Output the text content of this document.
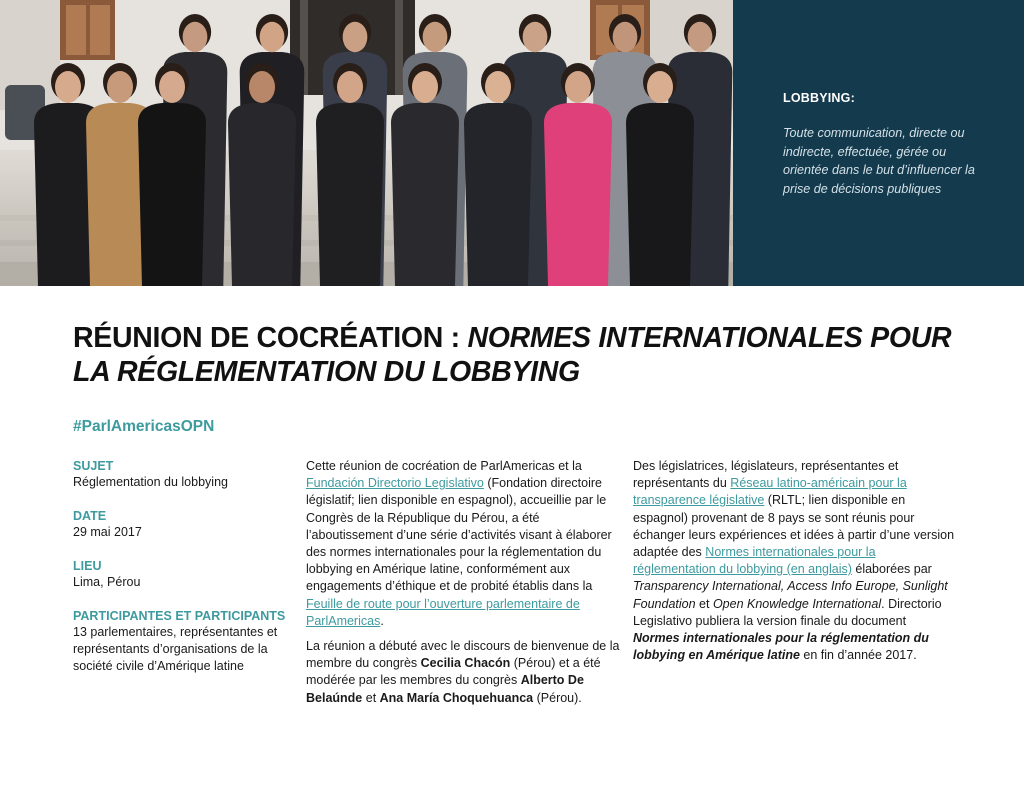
LOBBYING:
Toute communication, directe ou indirecte, effectuée, gérée ou orientée dans le but d’influencer la prise de décisions publiques
RÉUNION DE COCRÉATION : NORMES INTERNATIONALES POUR LA RÉGLEMENTATION DU LOBBYING
#ParlAmericasOPN
SUJET
Réglementation du lobbying
DATE
29 mai 2017
LIEU
Lima, Pérou
PARTICIPANTES ET PARTICIPANTS
13 parlementaires, représentantes et représentants d’organisations de la société civile d’Amérique latine

Cette réunion de cocréation de ParlAmericas et la Fundación Directorio Legislativo (Fondation directoire législatif; lien disponible en espagnol), accueillie par le Congrès de la République du Pérou, a été l’aboutissement d’une série d’activités visant à élaborer des normes internationales pour la réglementation du lobbying en Amérique latine, conformément aux engagements d’éthique et de probité établis dans la Feuille de route pour l’ouverture parlementaire de ParlAmericas.

La réunion a débuté avec le discours de bienvenue de la membre du congrès Cecilia Chacón (Pérou) et a été modérée par les membres du congrès Alberto De Belaúnde et Ana María Choquehuanca (Pérou).

Des législatrices, législateurs, représentantes et représentants du Réseau latino-américain pour la transparence législative (RLTL; lien disponible en espagnol) provenant de 8 pays se sont réunis pour échanger leurs expériences et idées à partir d’une version adaptée des Normes internationales pour la réglementation du lobbying (en anglais) élaborées par Transparency International, Access Info Europe, Sunlight Foundation et Open Knowledge International. Directorio Legislativo publiera la version finale du document Normes internationales pour la réglementation du lobbying en Amérique latine en fin d’année 2017.
